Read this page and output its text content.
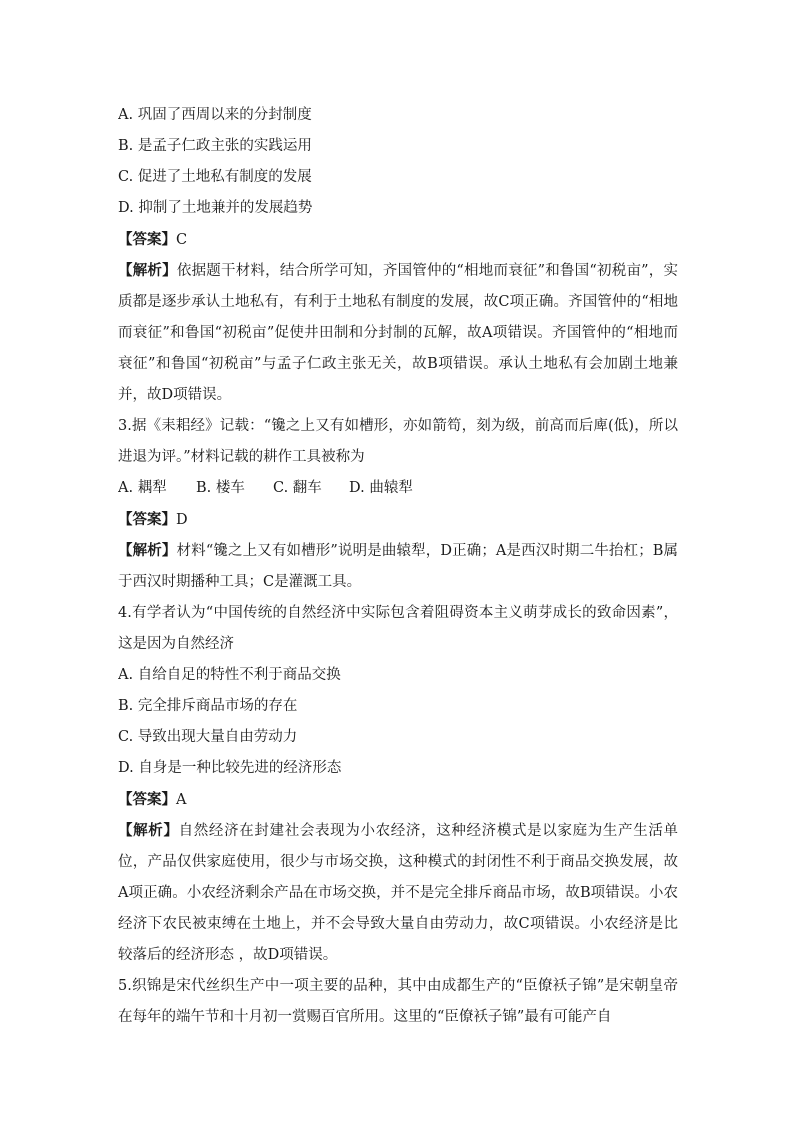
A. 巩固了西周以来的分封制度
B. 是孟子仁政主张的实践运用
C. 促进了土地私有制度的发展
D. 抑制了土地兼并的发展趋势
【答案】C
【解析】依据题干材料，结合所学可知，齐国管仲的“相地而衰征”和鲁国“初税亩”，实质都是逐步承认土地私有，有利于土地私有制度的发展，故C项正确。齐国管仲的“相地而衰征”和鲁国“初税亩”促使井田制和分封制的瓦解，故A项错误。齐国管仲的“相地而衰征”和鲁国“初税亩”与孟子仁政主张无关，故B项错误。承认土地私有会加剧土地兼并，故D项错误。
3.据《耒耜经》记载：“镵之上又有如槽形，亦如箭笱，刻为级，前高而后庳(低)，所以进退为评。”材料记载的耕作工具被称为
A. 耦犁 B. 楼车 C. 翻车 D. 曲辕犁
【答案】D
【解析】材料“镵之上又有如槽形”说明是曲辕犁，D正确；A是西汉时期二牛抬杠；B属于西汉时期播种工具；C是灌溉工具。
4.有学者认为“中国传统的自然经济中实际包含着阻碍资本主义萌芽成长的致命因素”，这是因为自然经济
A. 自给自足的特性不利于商品交换
B. 完全排斥商品市场的存在
C. 导致出现大量自由劳动力
D. 自身是一种比较先进的经济形态
【答案】A
【解析】自然经济在封建社会表现为小农经济，这种经济模式是以家庭为生产生活单位，产品仅供家庭使用，很少与市场交换，这种模式的封闭性不利于商品交换发展，故A项正确。小农经济剩余产品在市场交换，并不是完全排斥商品市场，故B项错误。小农经济下农民被束缚在土地上，并不会导致大量自由劳动力，故C项错误。小农经济是比较落后的经济形态 ，故D项错误。
5.织锦是宋代丝织生产中一项主要的品种，其中由成都生产的“臣僚袄子锦”是宋朝皇帝在每年的端午节和十月初一赏赐百官所用。这里的“臣僚袄子锦”最有可能产自
